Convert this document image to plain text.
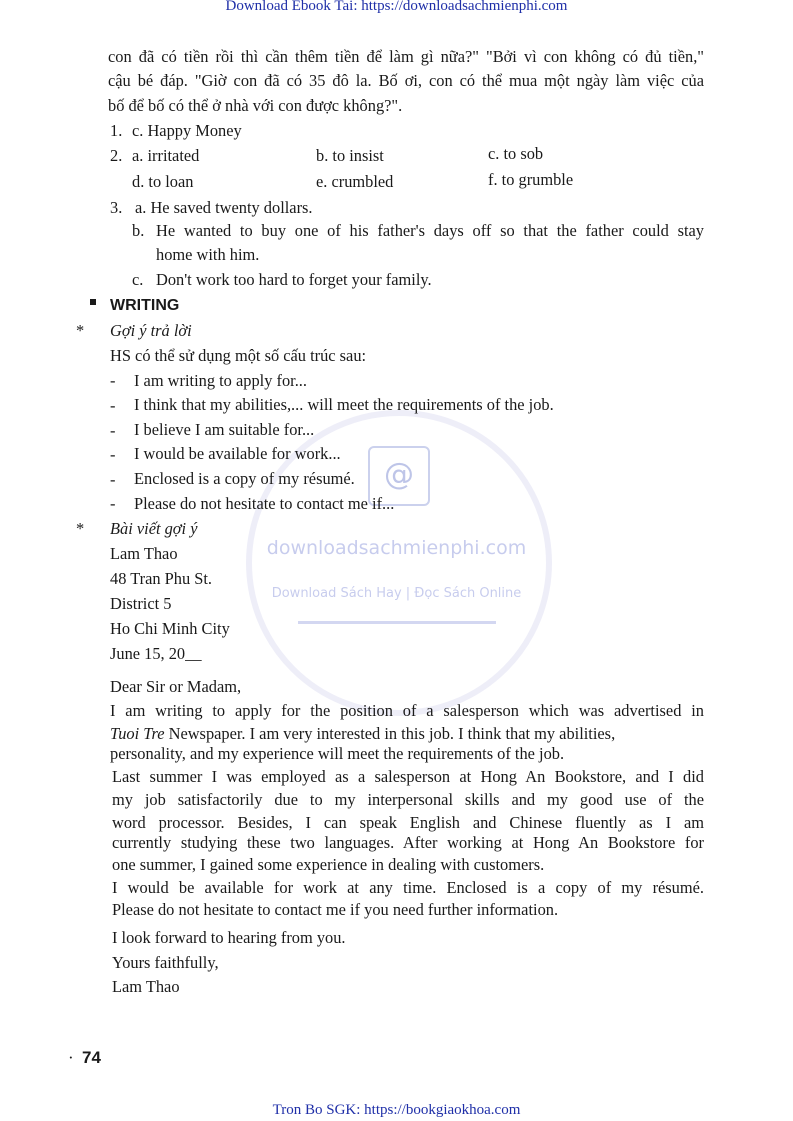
Download Ebook Tai: https://downloadsachmienphi.com
Tron Bo SGK: https://bookgiaokhoa.com
@
downloadsachmienphi.com
Download Sách Hay | Đọc Sách Online
con đã có tiền rồi thì cần thêm tiền để làm gì nữa?" "Bởi vì con không có đủ tiền,"
cậu bé đáp. "Giờ con đã có 35 đô la. Bố ơi, con có thể mua một ngày làm việc của
bố để bố có thể ở nhà với con được không?".
1. c. Happy Money
2. a. irritated	b. to insist	c. to sob
d. to loan	e. crumbled	f. to grumble
3. a. He saved twenty dollars.
b. He wanted to buy one of his father's days off so that the father could stay
home with him.
c. Don't work too hard to forget your family.
WRITING
* Gợi ý trả lời
HS có thể sử dụng một số cấu trúc sau:
- I am writing to apply for...
- I think that my abilities,... will meet the requirements of the job.
- I believe I am suitable for...
- I would be available for work...
- Enclosed is a copy of my résumé.
- Please do not hesitate to contact me if...
* Bài viết gợi ý
Lam Thao
48 Tran Phu St.
District 5
Ho Chi Minh City
June 15, 20__
Dear Sir or Madam,
I am writing to apply for the position of a salesperson which was advertised in
Tuoi Tre Newspaper. I am very interested in this job. I think that my abilities,
personality, and my experience will meet the requirements of the job.
Last summer I was employed as a salesperson at Hong An Bookstore, and I did
my job satisfactorily due to my interpersonal skills and my good use of the
word processor. Besides, I can speak English and Chinese fluently as I am
currently studying these two languages. After working at Hong An Bookstore for
one summer, I gained some experience in dealing with customers.
I would be available for work at any time. Enclosed is a copy of my résumé.
Please do not hesitate to contact me if you need further information.
I look forward to hearing from you.
Yours faithfully,
Lam Thao
· 74
